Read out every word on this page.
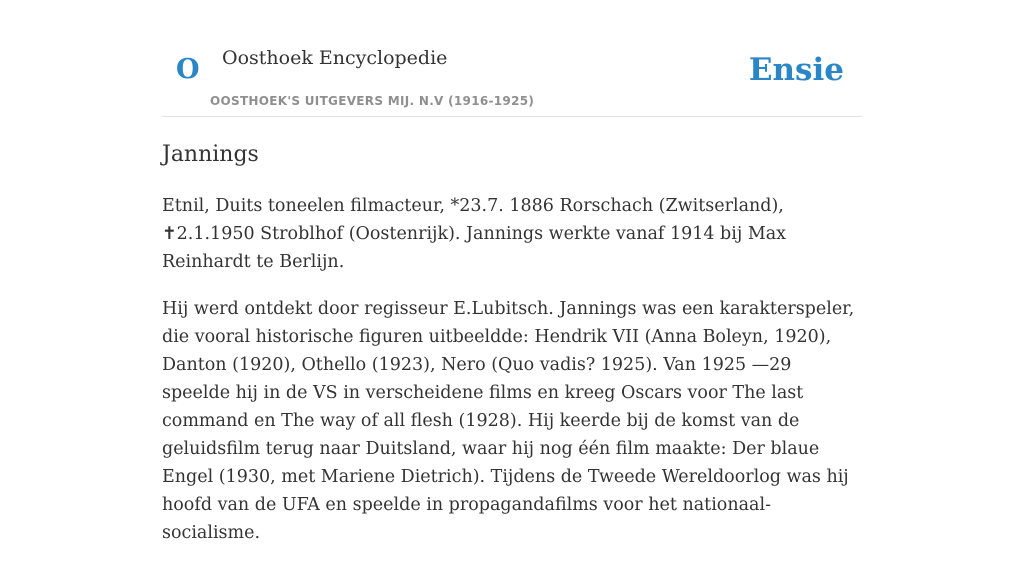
O Oosthoek Encyclopedie
OOSTHOEK'S UITGEVERS MIJ. N.V (1916-1925)
Ensie
Jannings

Etnil, Duits toneelen filmacteur, *23.7. 1886 Rorschach (Zwitserland), ✝2.1.1950 Stroblhof (Oostenrijk). Jannings werkte vanaf 1914 bij Max Reinhardt te Berlijn.

Hij werd ontdekt door regisseur E.Lubitsch. Jannings was een karakterspeler, die vooral historische figuren uitbeeldde: Hendrik VII (Anna Boleyn, 1920), Danton (1920), Othello (1923), Nero (Quo vadis? 1925). Van 1925 —29 speelde hij in de VS in verscheidene films en kreeg Oscars voor The last command en The way of all flesh (1928). Hij keerde bij de komst van de geluidsfilm terug naar Duitsland, waar hij nog één film maakte: Der blaue Engel (1930, met Mariene Dietrich). Tijdens de Tweede Wereldoorlog was hij hoofd van de UFA en speelde in propagandafilms voor het nationaal-socialisme.
